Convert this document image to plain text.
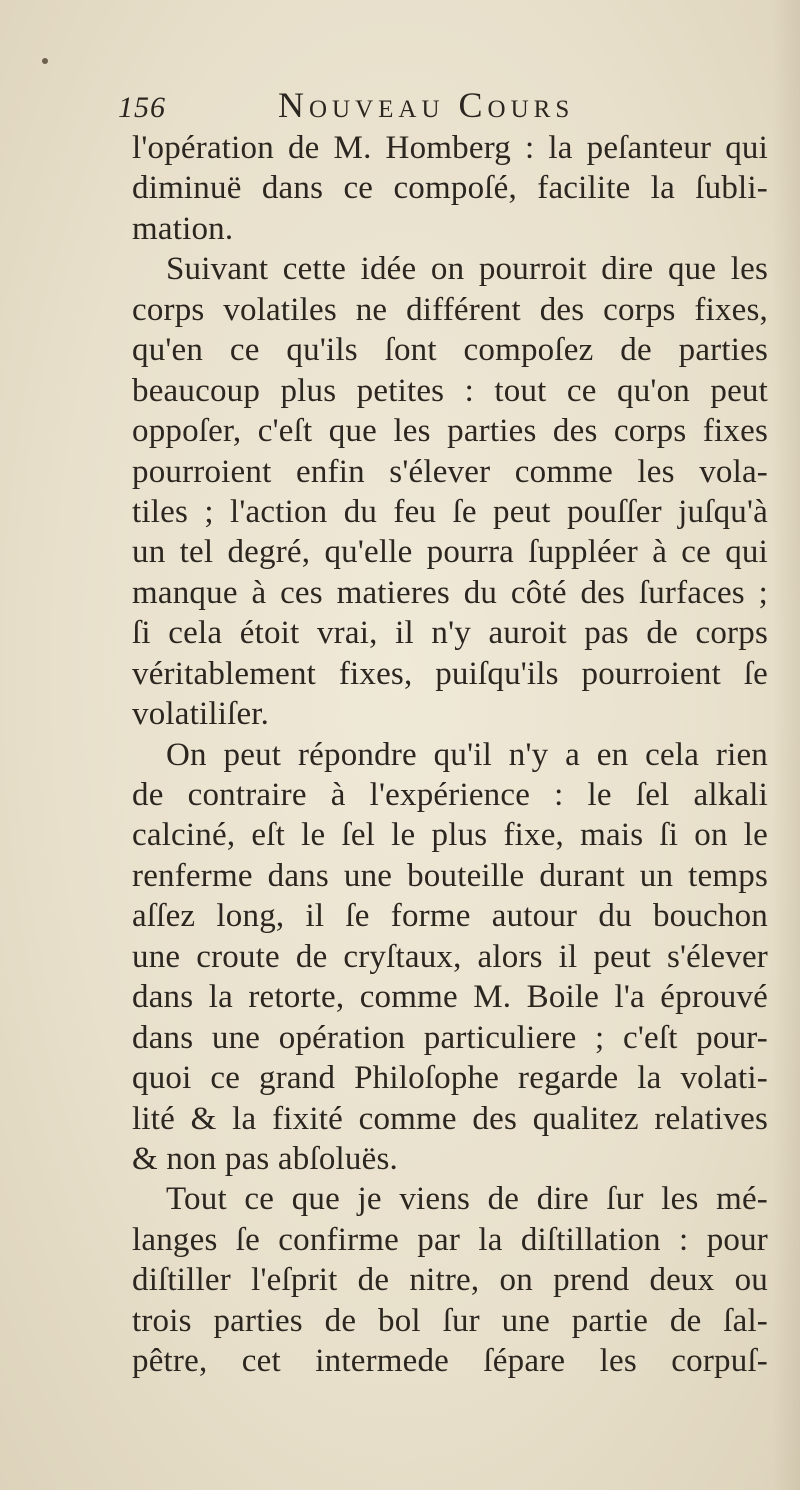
156	Nouveau Cours
l'opération de M. Homberg : la peſanteur qui
diminuë dans ce compoſé, facilite la ſubli-
mation.
Suivant cette idée on pourroit dire que les
corps volatiles ne différent des corps fixes,
qu'en ce qu'ils ſont compoſez de parties
beaucoup plus petites : tout ce qu'on peut
oppoſer, c'eſt que les parties des corps fixes
pourroient enfin s'élever comme les vola-
tiles ; l'action du feu ſe peut pouſſer juſqu'à
un tel degré, qu'elle pourra ſuppléer à ce qui
manque à ces matieres du côté des ſurfaces ;
ſi cela étoit vrai, il n'y auroit pas de corps
véritablement fixes, puiſqu'ils pourroient ſe
volatiliſer.
On peut répondre qu'il n'y a en cela rien
de contraire à l'expérience : le ſel alkali
calciné, eſt le ſel le plus fixe, mais ſi on le
renferme dans une bouteille durant un temps
aſſez long, il ſe forme autour du bouchon
une croute de cryſtaux, alors il peut s'élever
dans la retorte, comme M. Boile l'a éprouvé
dans une opération particuliere ; c'eſt pour-
quoi ce grand Philoſophe regarde la volati-
lité & la fixité comme des qualitez relatives
& non pas abſoluës.
Tout ce que je viens de dire ſur les mé-
langes ſe confirme par la diſtillation : pour
diſtiller l'eſprit de nitre, on prend deux ou
trois parties de bol ſur une partie de ſal-
pêtre, cet intermede ſépare les corpuſ-
